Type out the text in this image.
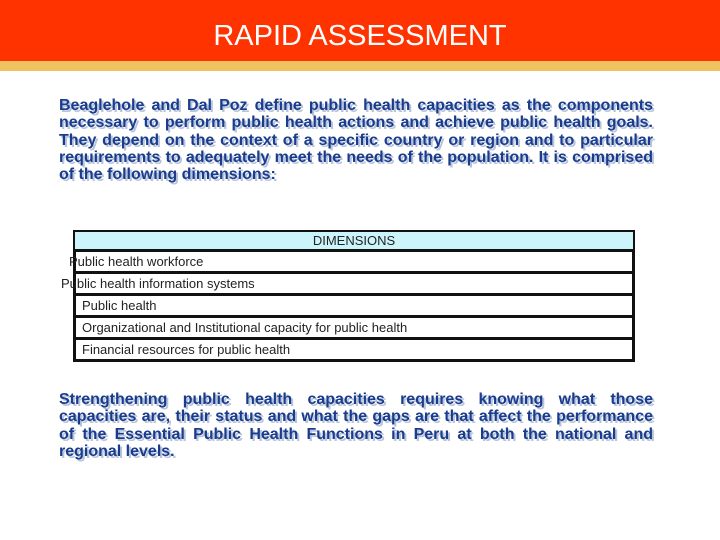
RAPID ASSESSMENT
Beaglehole and Dal Poz define public health capacities as the components necessary to perform public health actions and achieve public health goals. They depend on the context of a specific country or region and to particular requirements to adequately meet the needs of the population. It is comprised of the following dimensions:
DIMENSIONS
Public health workforce
Public health information systems
Public health
Organizational and Institutional capacity for public health
Financial resources for public health
Strengthening public health capacities requires knowing what those capacities are, their status and what the gaps are that affect the performance of the Essential Public Health Functions in Peru at both the national and regional levels.
